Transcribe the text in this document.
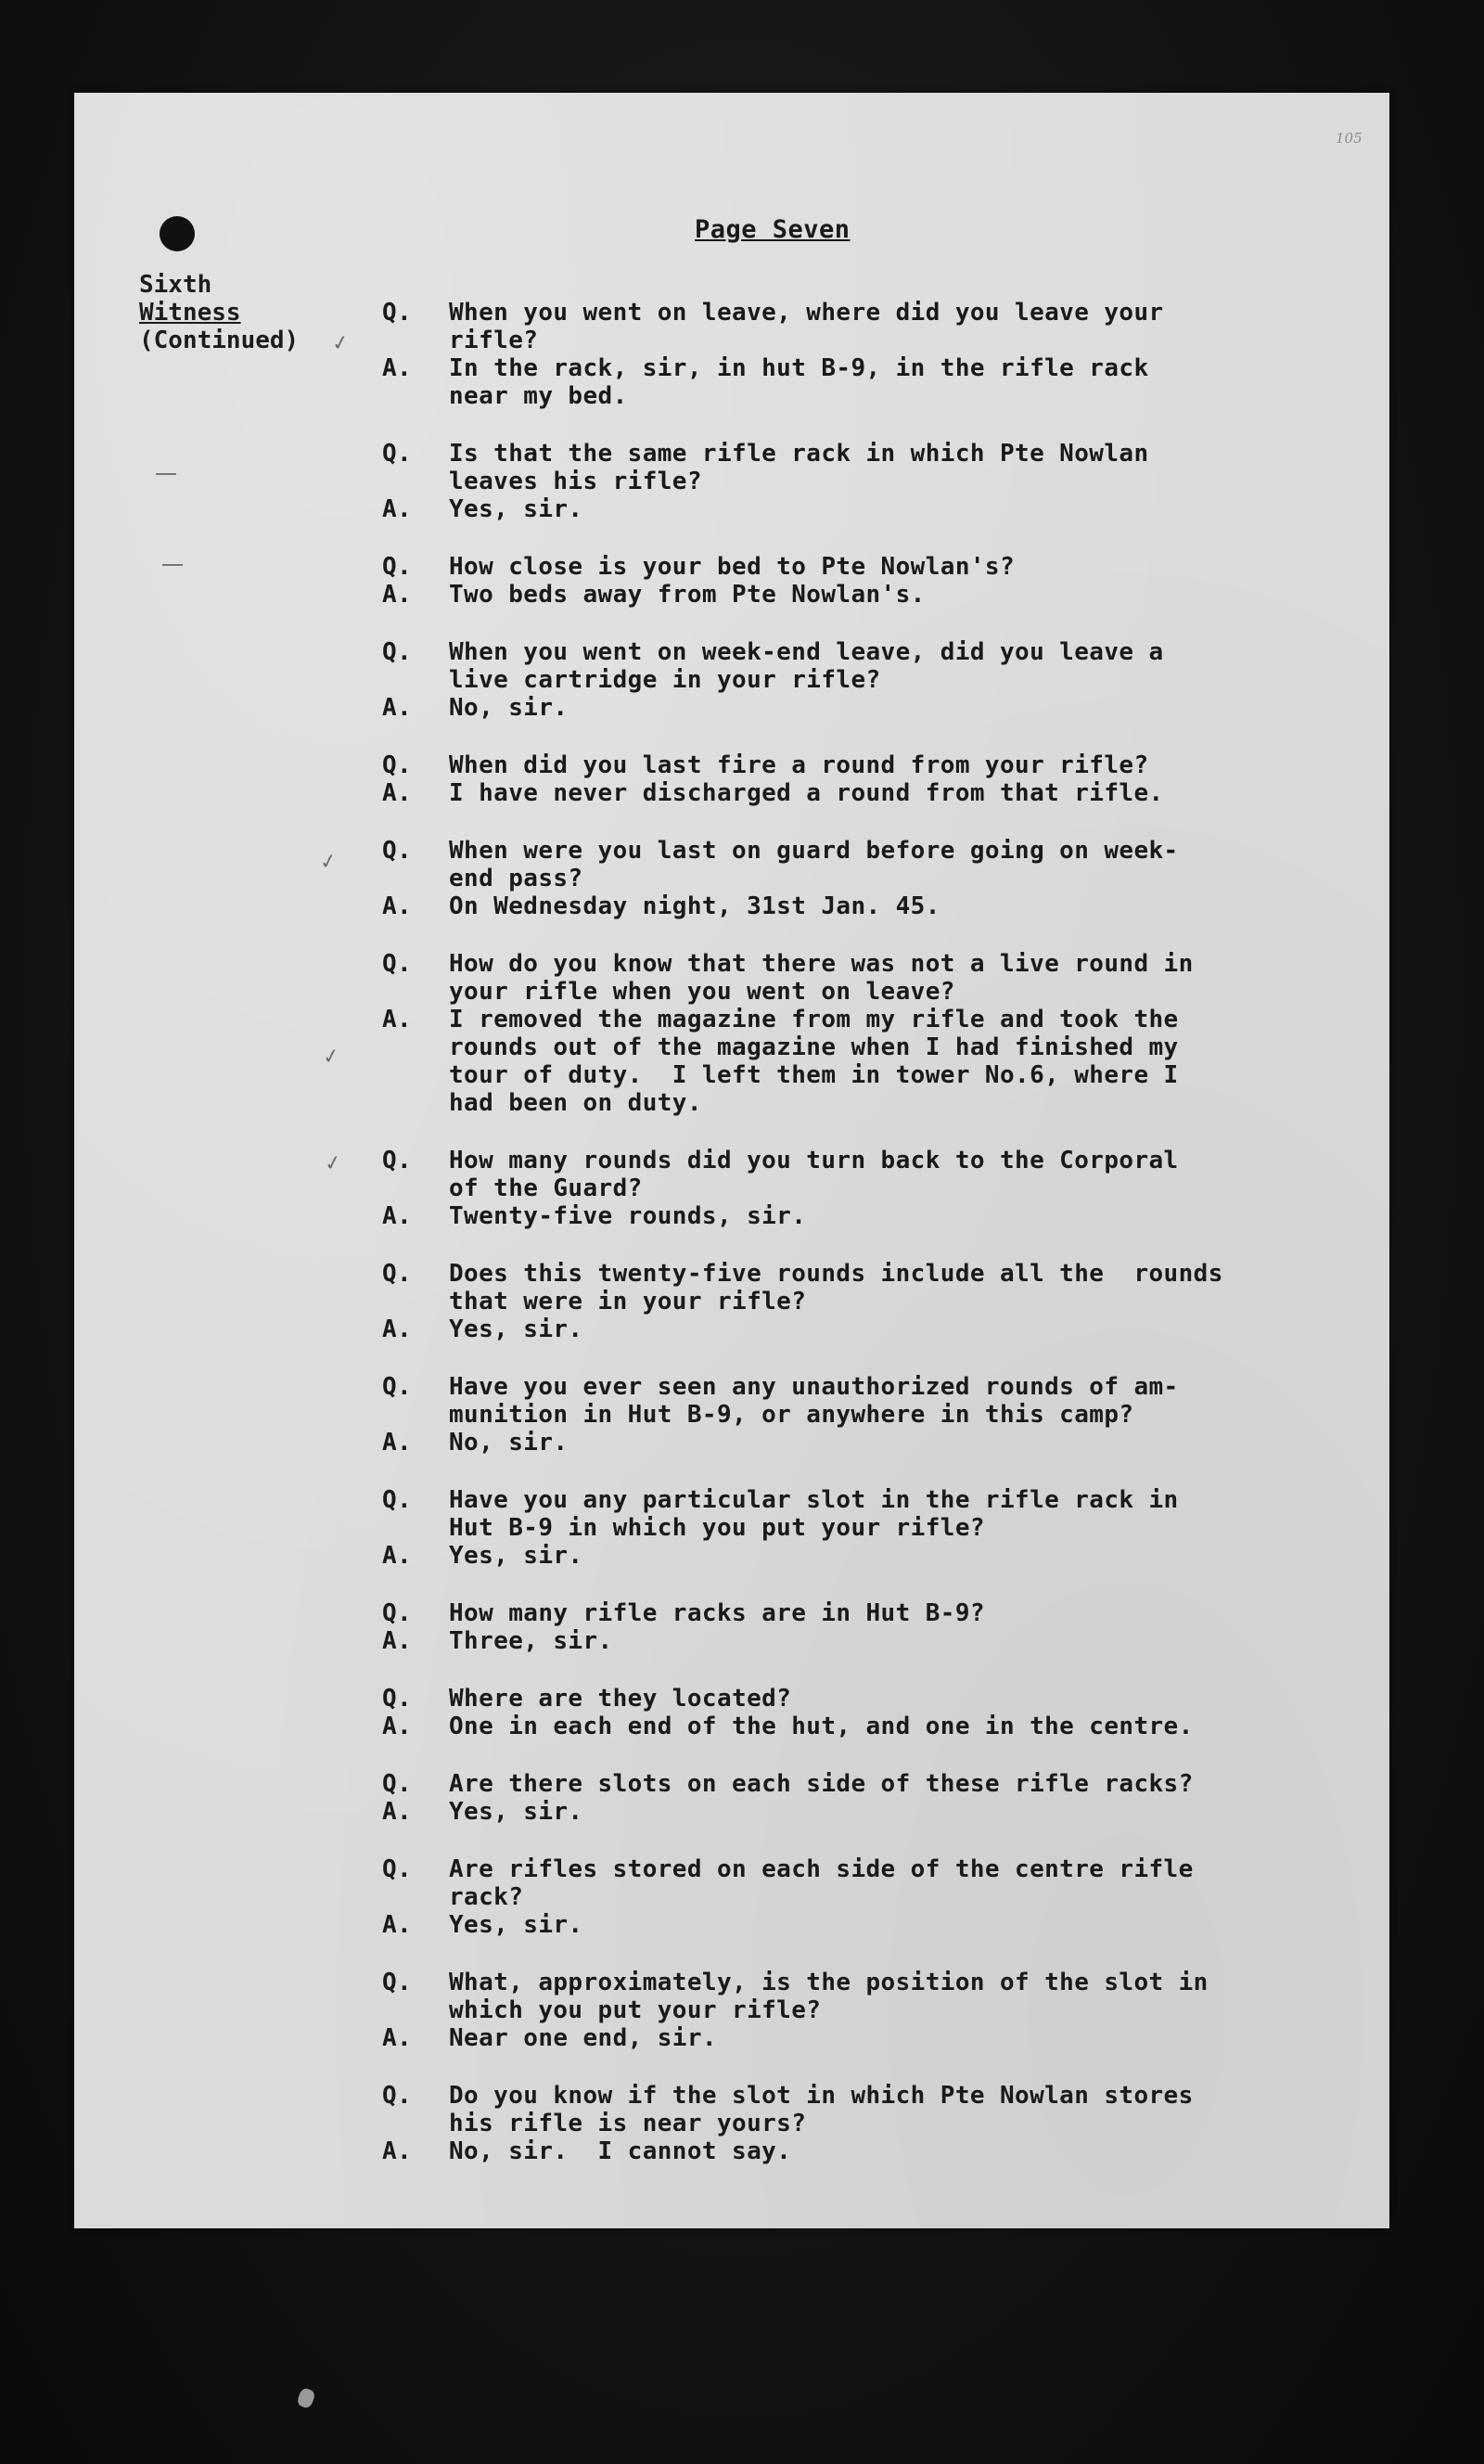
105
Page Seven
Sixth
Witness
(Continued) ✓
✓
✓
✓
Q.	When you went on leave, where did you leave your
rifle?
A.	In the rack, sir, in hut B-9, in the rifle rack
near my bed.
Q.	Is that the same rifle rack in which Pte Nowlan
leaves his rifle?
A.	Yes, sir.
Q.	How close is your bed to Pte Nowlan's?
A.	Two beds away from Pte Nowlan's.
Q.	When you went on week-end leave, did you leave a
live cartridge in your rifle?
A.	No, sir.
Q.	When did you last fire a round from your rifle?
A.	I have never discharged a round from that rifle.
Q.	When were you last on guard before going on week-
end pass?
A.	On Wednesday night, 31st Jan. 45.
Q.	How do you know that there was not a live round in
your rifle when you went on leave?
A.	I removed the magazine from my rifle and took the
rounds out of the magazine when I had finished my
tour of duty.  I left them in tower No.6, where I
had been on duty.
Q.	How many rounds did you turn back to the Corporal
of the Guard?
A.	Twenty-five rounds, sir.
Q.	Does this twenty-five rounds include all the  rounds
that were in your rifle?
A.	Yes, sir.
Q.	Have you ever seen any unauthorized rounds of am-
munition in Hut B-9, or anywhere in this camp?
A.	No, sir.
Q.	Have you any particular slot in the rifle rack in
Hut B-9 in which you put your rifle?
A.	Yes, sir.
Q.	How many rifle racks are in Hut B-9?
A.	Three, sir.
Q.	Where are they located?
A.	One in each end of the hut, and one in the centre.
Q.	Are there slots on each side of these rifle racks?
A.	Yes, sir.
Q.	Are rifles stored on each side of the centre rifle
rack?
A.	Yes, sir.
Q.	What, approximately, is the position of the slot in
which you put your rifle?
A.	Near one end, sir.
Q.	Do you know if the slot in which Pte Nowlan stores
his rifle is near yours?
A.	No, sir.  I cannot say.
